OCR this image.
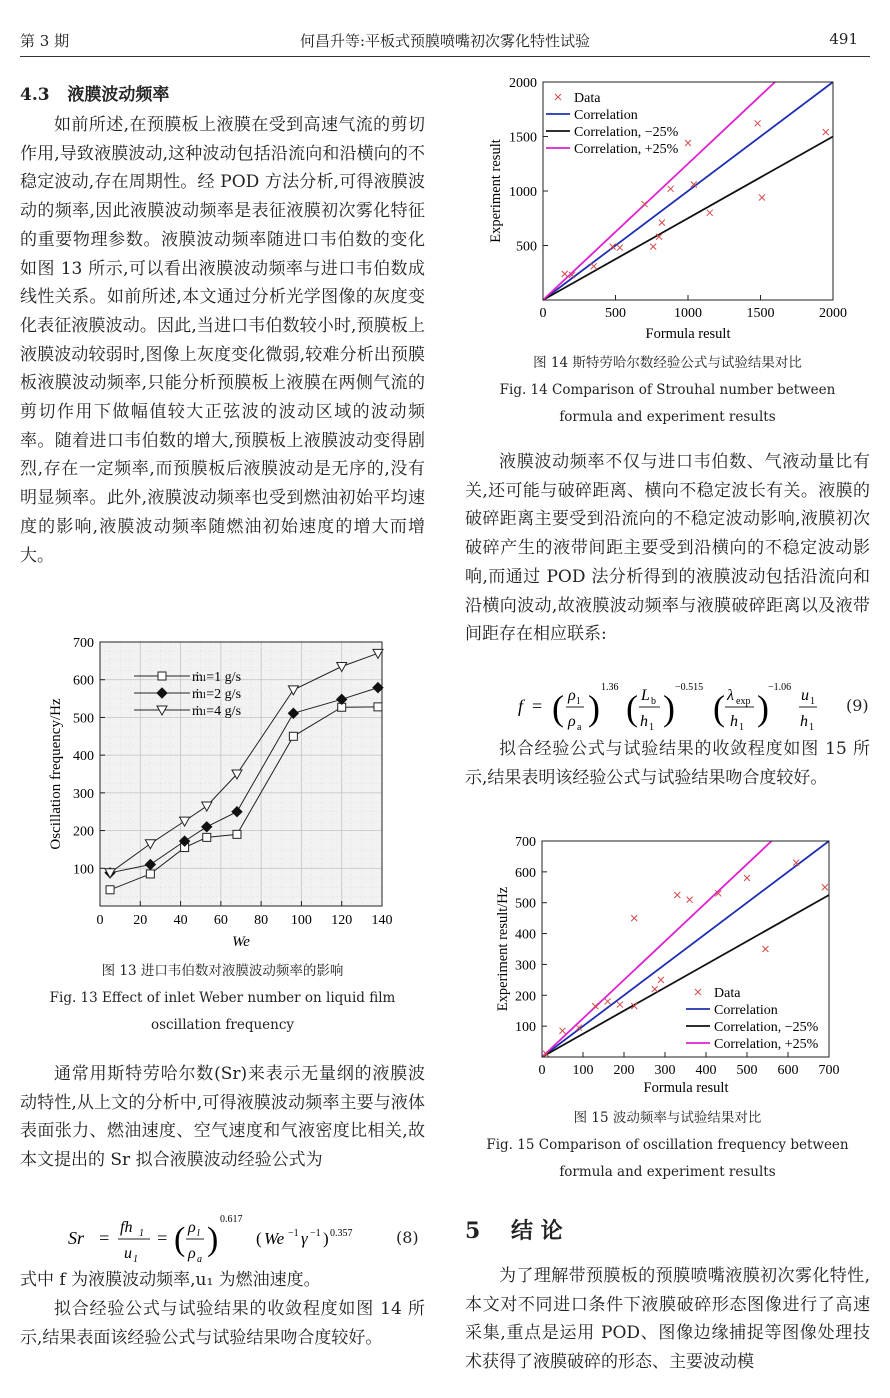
第 3 期	何昌升等:平板式预膜喷嘴初次雾化特性试验	491
4.3 液膜波动频率

如前所述,在预膜板上液膜在受到高速气流的剪切作用,导致液膜波动,这种波动包括沿流向和沿横向的不稳定波动,存在周期性。经 POD 方法分析,可得液膜波动的频率,因此液膜波动频率是表征液膜初次雾化特征的重要物理参数。液膜波动频率随进口韦伯数的变化如图 13 所示,可以看出液膜波动频率与进口韦伯数成线性关系。如前所述,本文通过分析光学图像的灰度变化表征液膜波动。因此,当进口韦伯数较小时,预膜板上液膜波动较弱时,图像上灰度变化微弱,较难分析出预膜板液膜波动频率,只能分析预膜板上液膜在两侧气流的剪切作用下做幅值较大正弦波的波动区域的波动频率。随着进口韦伯数的增大,预膜板上液膜波动变得剧烈,存在一定频率,而预膜板后液膜波动是无序的,没有明显频率。此外,液膜波动频率也受到燃油初始平均速度的影响,液膜波动频率随燃油初始速度的增大而增大。

0 20 40 60 80 100 120 140
100
200
300
400
500
600
700
ṁₗ=1 g/s
ṁₗ=2 g/s
ṁₗ=4 g/s
We
Oscillation frequency/Hz
图 13 进口韦伯数对液膜波动频率的影响
Fig. 13 Effect of inlet Weber number on liquid film
oscillation frequency

通常用斯特劳哈尔数(Sr)来表示无量纲的液膜波动特性,从上文的分析中,可得液膜波动频率主要与液体表面张力、燃油速度、空气速度和气液密度比相关,故本文提出的 Sr 拟合液膜波动经验公式为

Sr =
fh 1
u 1
= ( ρ l
ρ a
)
0.617
( We −1 γ −1 ) 0.357	(8)

式中 f 为液膜波动频率,u₁ 为燃油速度。

拟合经验公式与试验结果的收敛程度如图 14 所示,结果表面该经验公式与试验结果吻合度较好。

0	500	1000	1500	2000
500
1000
1500
2000
Data
Correlation
Correlation, −25%
Correlation, +25%
Formula result
Experiment result
图 14 斯特劳哈尔数经验公式与试验结果对比
Fig. 14 Comparison of Strouhal number between
formula and experiment results

液膜波动频率不仅与进口韦伯数、气液动量比有关,还可能与破碎距离、横向不稳定波长有关。液膜的破碎距离主要受到沿流向的不稳定波动影响,液膜初次破碎产生的液带间距主要受到沿横向的不稳定波动影响,而通过 POD 法分析得到的液膜波动包括沿流向和沿横向波动,故液膜波动频率与液膜破碎距离以及液带间距存在相应联系:

f = ( ρ l
ρ a )
1.36
( L b
h 1 )
−0.515
( λ exp
h 1 )
−1.06 u 1
h 1
(9)

拟合经验公式与试验结果的收敛程度如图 15 所示,结果表明该经验公式与试验结果吻合度较好。

0 100 200 300 400 500 600 700
100
200
300
400
500
600
700
Data
Correlation
Correlation, −25%
Correlation, +25%
Formula result
Experiment result/Hz
图 15 波动频率与试验结果对比
Fig. 15 Comparison of oscillation frequency between
formula and experiment results
5 结 论

为了理解带预膜板的预膜喷嘴液膜初次雾化特性,本文对不同进口条件下液膜破碎形态图像进行了高速采集,重点是运用 POD、图像边缘捕捉等图像处理技术获得了液膜破碎的形态、主要波动模
